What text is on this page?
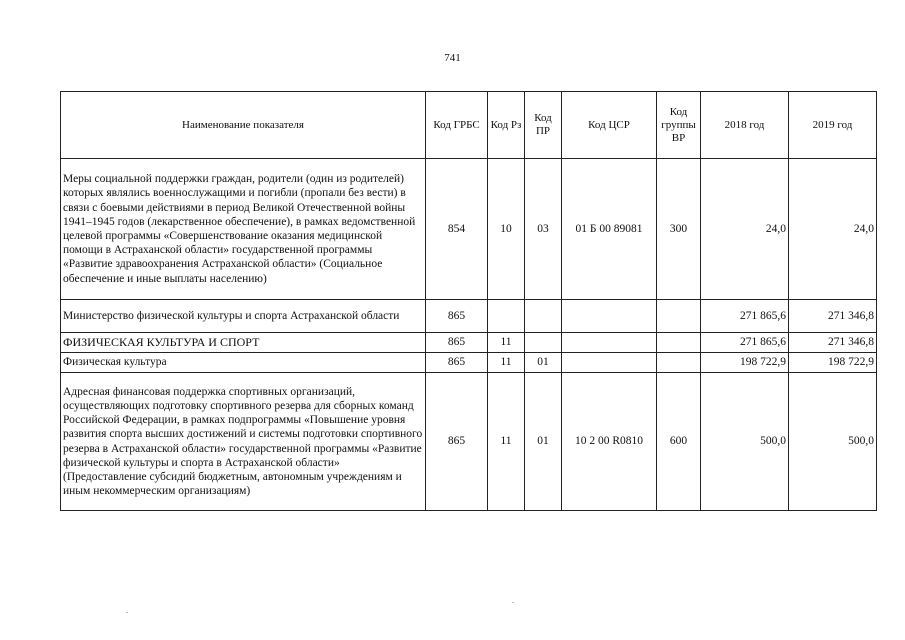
741
Наименование показателя	Код ГРБС	Код Рз	Код ПР	Код ЦСР	Код группы ВР	2018 год	2019 год
Меры социальной поддержки граждан, родители (один из родителей) которых являлись военнослужащими и погибли (пропали без вести) в связи с боевыми действиями в период Великой Отечественной войны 1941–1945 годов (лекарственное обеспечение), в рамках ведомственной целевой программы «Совершенствование оказания медицинской помощи в Астраханской области» государственной программы «Развитие здравоохранения Астраханской области» (Социальное обеспечение и иные выплаты населению)	854	10	03	01 Б 00 89081	300	24,0	24,0
Министерство физической культуры и спорта Астраханской области	865					271 865,6	271 346,8
ФИЗИЧЕСКАЯ КУЛЬТУРА И СПОРТ	865	11				271 865,6	271 346,8
Физическая культура	865	11	01			198 722,9	198 722,9
Адресная финансовая поддержка спортивных организаций, осуществляющих подготовку спортивного резерва для сборных команд Российской Федерации, в рамках подпрограммы «Повышение уровня развития спорта высших достижений и системы подготовки спортивного резерва в Астраханской области» государственной программы «Развитие физической культуры и спорта в Астраханской области» (Предоставление субсидий бюджетным, автономным учреждениям и иным некоммерческим организациям)	865	11	01	10 2 00 R0810	600	500,0	500,0
